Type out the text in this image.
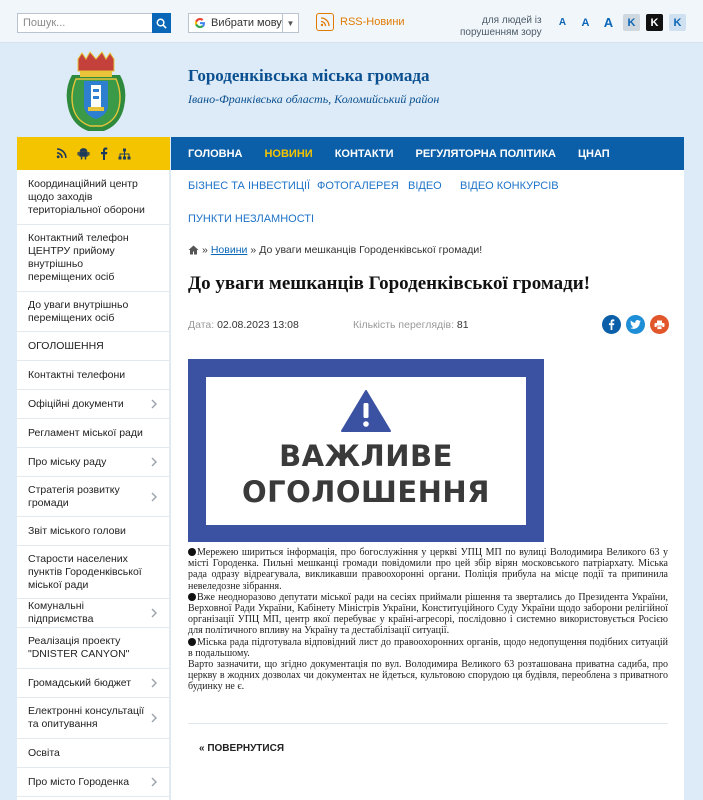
Пошук...
Вибрати мову ▼	RSS-Новини	для людей із
порушенням зору
A	A	A	K	K	K
Городенківська міська громада
Івано-Франківська область, Коломийський район
ГОЛОВНА НОВИНИ КОНТАКТИ РЕГУЛЯТОРНА ПОЛІТИКА ЦНАП
Координаційний центр щодо заходів територіальної оборони
Контактний телефон ЦЕНТРУ прийому внутрішньо переміщених осіб
До уваги внутрішньо переміщених осіб
ОГОЛОШЕННЯ
Контактні телефони
Офіційні документи
Регламент міської ради
Про міську раду
Стратегія розвитку громади
Звіт міського голови
Старости населених пунктів Городенківської міської ради
Комунальні підприємства
Реалізація проекту "DNISTER CANYON"
Громадський бюджет
Електронні консультації та опитування
Освіта
Про місто Городенка
БІЗНЕС ТА ІНВЕСТИЦІЇ ФОТОГАЛЕРЕЯ ВІДЕО ВІДЕО КОНКУРСІВ
ПУНКТИ НЕЗЛАМНОСТІ
» Новини » До уваги мешканців Городенківської громади!
До уваги мешканців Городенківської громади!
Дата: 02.08.2023 13:08	Кількість переглядів: 81
ВАЖЛИВЕ
ОГОЛОШЕННЯ

Мережею шириться інформація, про богослужіння у церкві УПЦ МП по вулиці Володимира Великого 63 у місті Городенка. Пильні мешканці громади повідомили про цей збір вірян московського патріархату. Міська рада одразу відреагувала, викликавши правоохоронні органи. Поліція прибула на місце події та припинила невеледозне зібрання.

Вже неодноразово депутати міської ради на сесіях приймали рішення та звертались до Президента України, Верховної Ради України, Кабінету Міністрів України, Конституційного Суду України щодо заборони релігійної організації УПЦ МП, центр якої перебуває у країні-агресорі, послідовно і системно використовується Росією для політичного впливу на Україну та дестабілізації ситуації.

Міська рада підготувала відповідний лист до правоохоронних органів, щодо недопущення подібних ситуацій в подальшому.

Варто зазначити, що згідно документація по вул. Володимира Великого 63 розташована приватна садиба, про церкву в жодних дозволах чи документах не йдеться, культовою спорудою ця будівля, переоблена з приватного будинку не є.

« ПОВЕРНУТИСЯ
